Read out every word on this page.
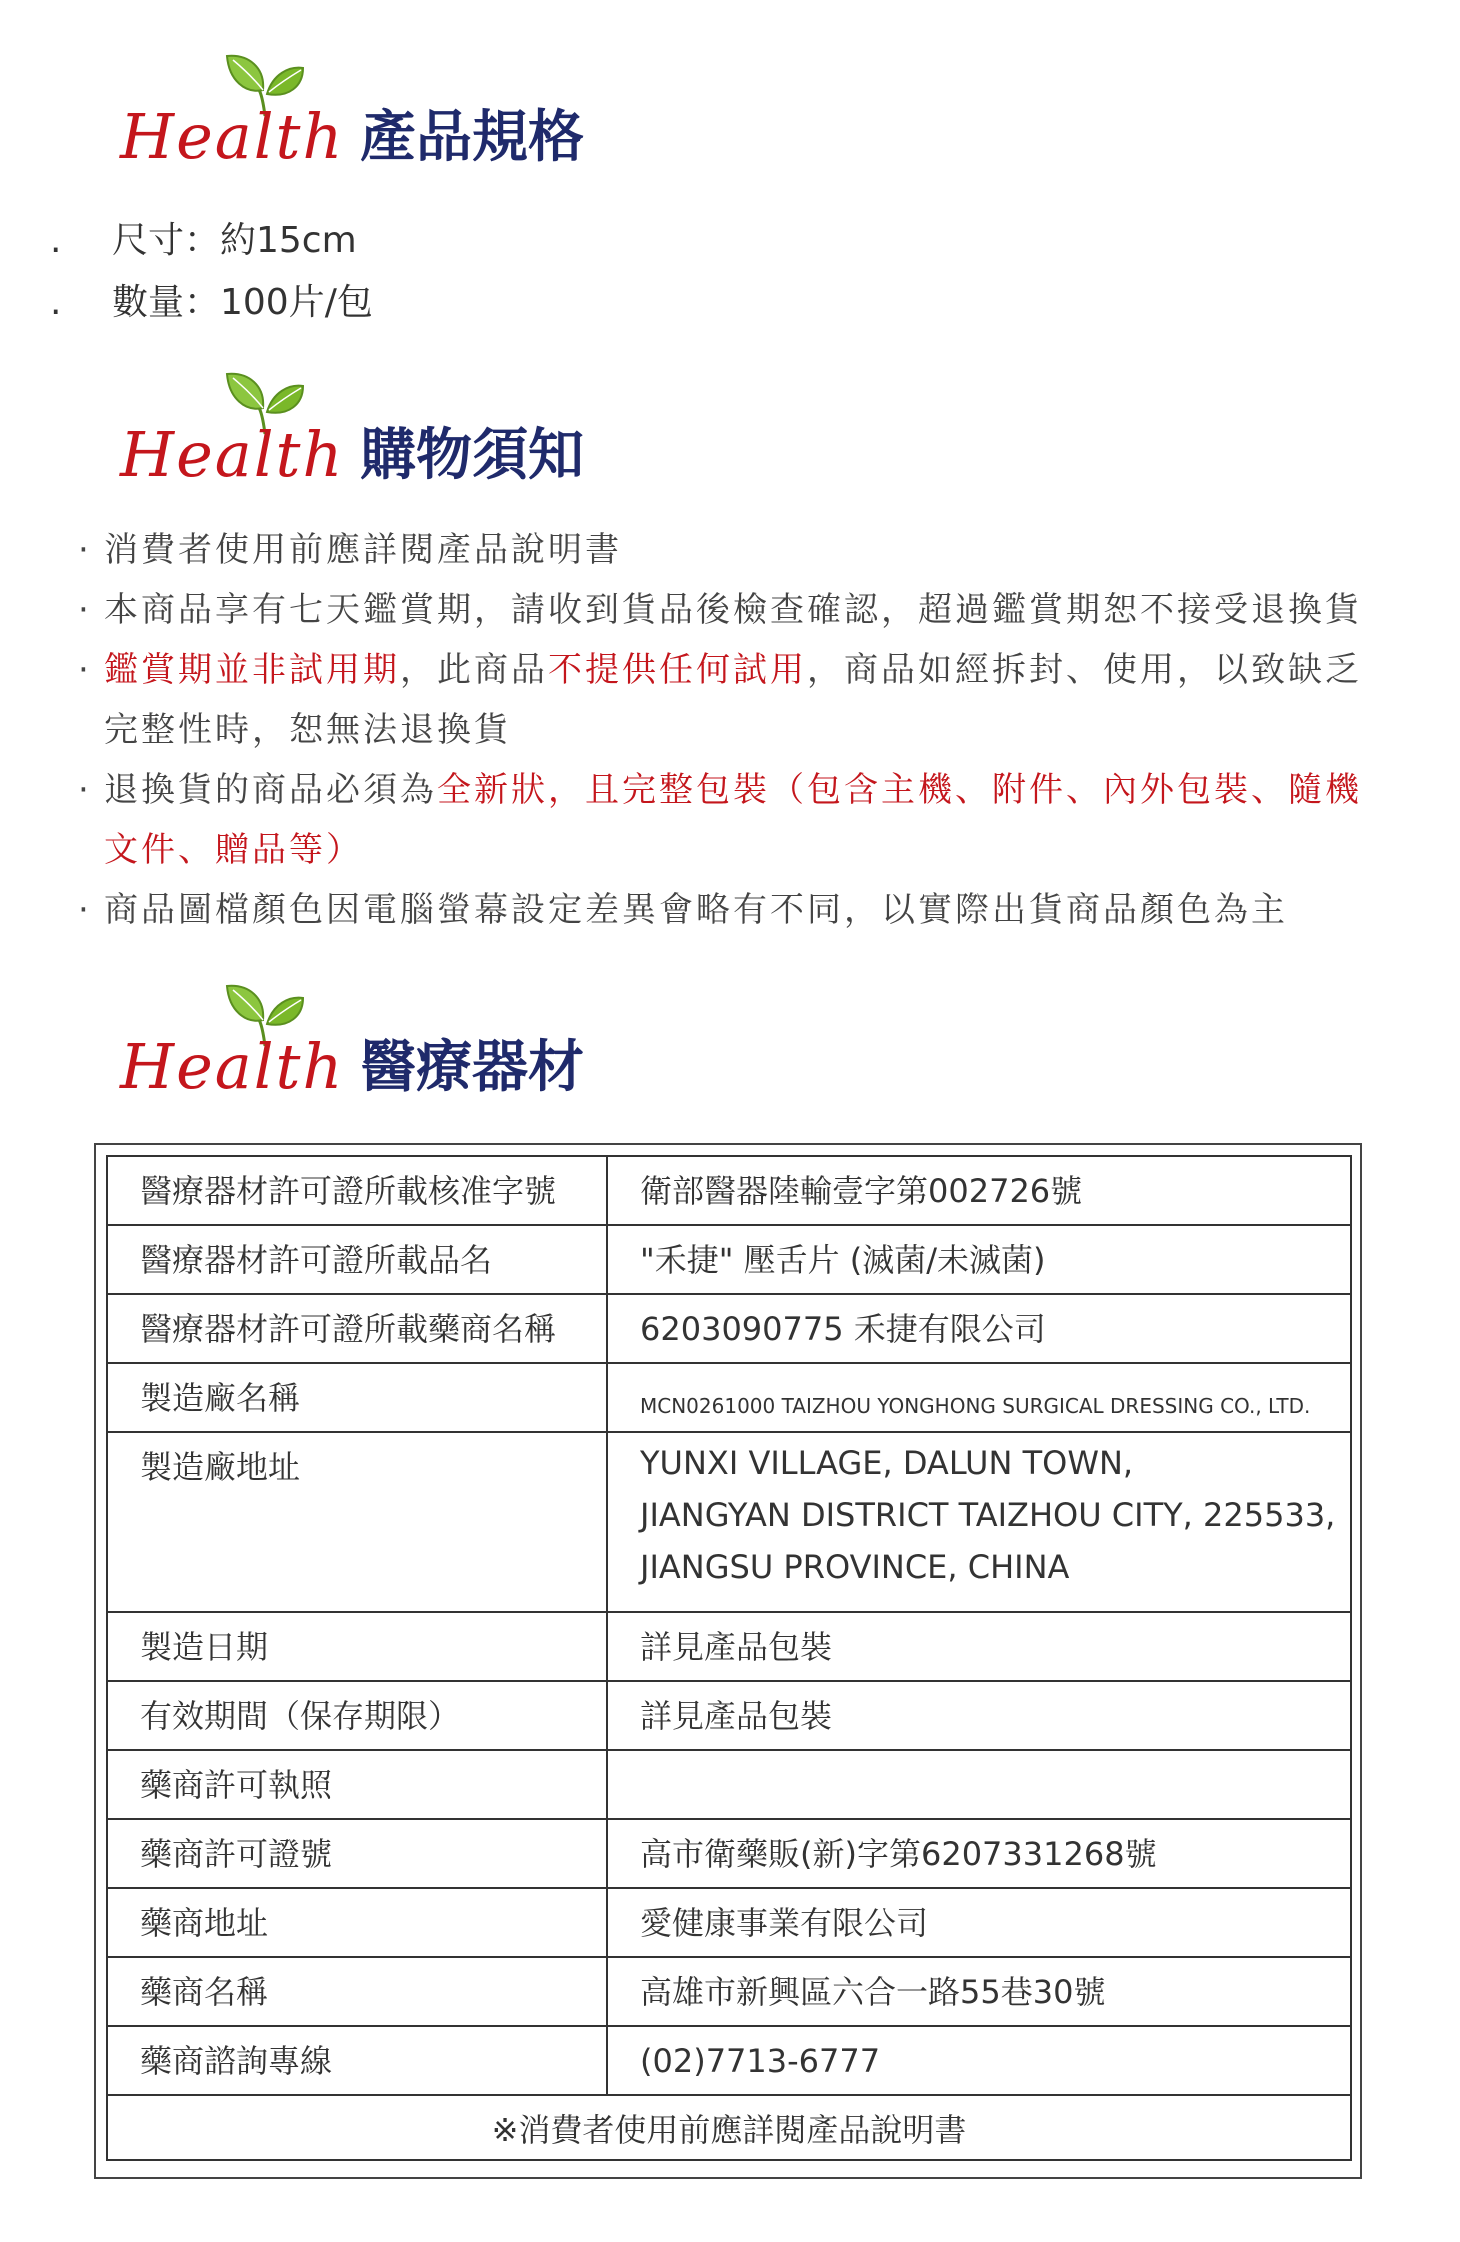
Health 產品規格
. 尺寸：約15cm
. 數量：100片/包
Health 購物須知
· 消費者使用前應詳閱產品說明書
· 本商品享有七天鑑賞期，請收到貨品後檢查確認，超過鑑賞期恕不接受退換貨
· 鑑賞期並非試用期，此商品不提供任何試用，商品如經拆封、使用，以致缺乏完整性時，恕無法退換貨
· 退換貨的商品必須為全新狀，且完整包裝（包含主機、附件、內外包裝、隨機文件、贈品等）
· 商品圖檔顏色因電腦螢幕設定差異會略有不同，以實際出貨商品顏色為主
Health 醫療器材
醫療器材許可證所載核准字號	衛部醫器陸輸壹字第002726號

醫療器材許可證所載品名	"禾捷" 壓舌片 (滅菌/未滅菌)

醫療器材許可證所載藥商名稱	6203090775 禾捷有限公司

製造廠名稱	MCN0261000 TAIZHOU YONGHONG SURGICAL DRESSING CO., LTD.

製造廠地址	YUNXI VILLAGE, DALUN TOWN,
JIANGYAN DISTRICT TAIZHOU CITY, 225533,
JIANGSU PROVINCE, CHINA

製造日期	詳見產品包裝

有效期間（保存期限）	詳見產品包裝

藥商許可執照	

藥商許可證號	高市衛藥販(新)字第6207331268號

藥商地址	愛健康事業有限公司

藥商名稱	高雄市新興區六合一路55巷30號

藥商諮詢專線	(02)7713-6777

※消費者使用前應詳閱產品說明書	
